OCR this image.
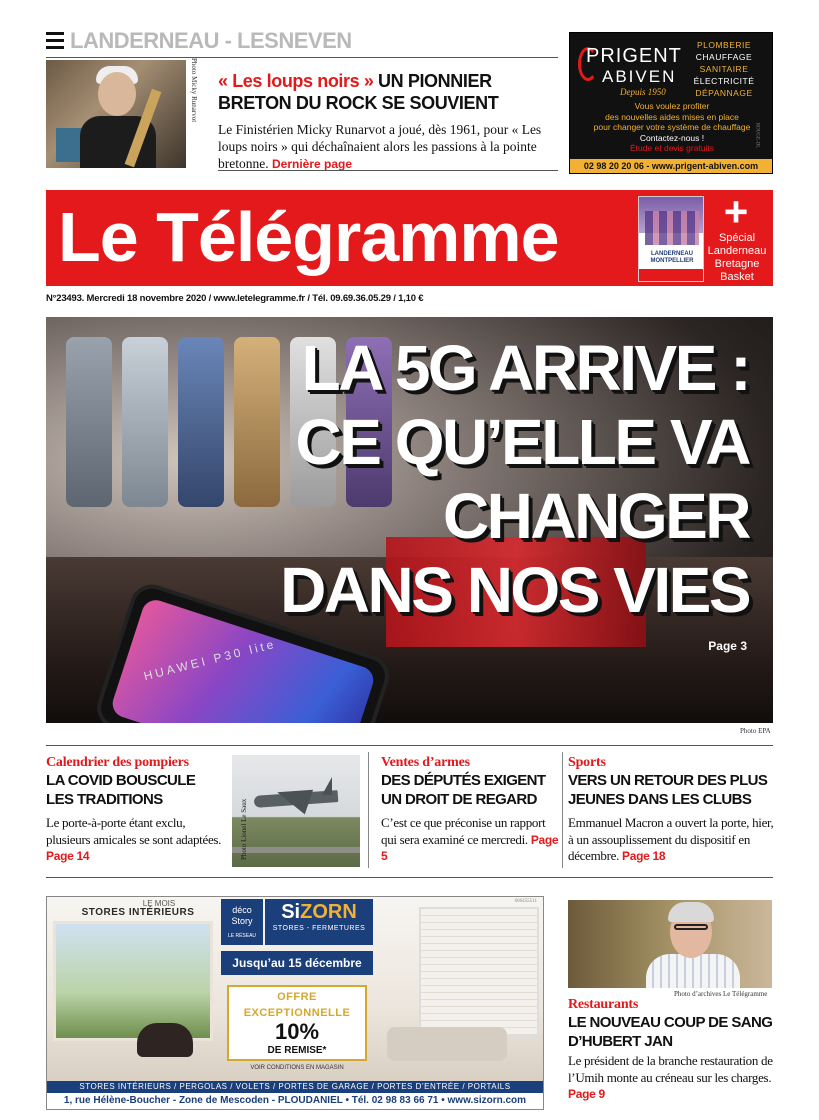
LANDERNEAU - LESNEVEN
Photo Micky Runarvot « Les loups noirs » UN PIONNIER BRETON DU ROCK SE SOUVIENT
Le Finistérien Micky Runarvot a joué, dès 1961, pour « Les loups noirs » qui déchaînaient alors les passions à la pointe bretonne. Dernière page
PRIGENT
ABIVEN
Depuis 1950
PLOMBERIE
CHAUFFAGE
SANITAIRE
ÉLECTRICITÉ
DÉPANNAGE
Vous voulez profiter
des nouvelles aides mises en place
pour changer votre système de chauffage
Contactez-nous !
Étude et devis gratuits	ROUGE-DL
02 98 20 20 06 - www.prigent-abiven.com
Le Télégramme	LANDERNEAU MONTPELLIER
+
Spécial Landerneau Bretagne Basket
N°23493. Mercredi 18 novembre 2020 / www.letelegramme.fr / Tél. 09.69.36.05.29 / 1,10 €
HUAWEI P30 lite
LA 5G ARRIVE :
CE QU’ELLE VA
CHANGER
DANS NOS VIES
Page 3
Photo EPA
Calendrier des pompiers
LA COVID BOUSCULE LES TRADITIONS
Le porte-à-porte étant exclu, plusieurs amicales se sont adaptées. Page 14	Photo Lionel Le Saux
Ventes d’armes
DES DÉPUTÉS EXIGENT UN DROIT DE REGARD
C’est ce que préconise un rapport qui sera examiné ce mercredi. Page 5
Sports
VERS UN RETOUR DES PLUS JEUNES DANS LES CLUBS
Emmanuel Macron a ouvert la porte, hier, à un assouplissement du dispositif en décembre. Page 18
LE MOIS
STORES INTÉRIEURS	déco Story
LE RÉSEAU
SiZORN
STORES - FERMETURES
Jusqu’au 15 décembre
OFFRE
EXCEPTIONNELLE
10%
DE REMISE*
VOIR CONDITIONS EN MAGASIN
606455511
STORES INTÉRIEURS / PERGOLAS / VOLETS / PORTES DE GARAGE / PORTES D’ENTRÉE / PORTAILS
1, rue Hélène-Boucher - Zone de Mescoden - PLOUDANIEL • Tél. 02 98 83 66 71 • www.sizorn.com
Photo d’archives Le Télégramme
Restaurants
LE NOUVEAU COUP DE SANG D’HUBERT JAN
Le président de la branche restauration de l’Umih monte au créneau sur les charges. Page 9
